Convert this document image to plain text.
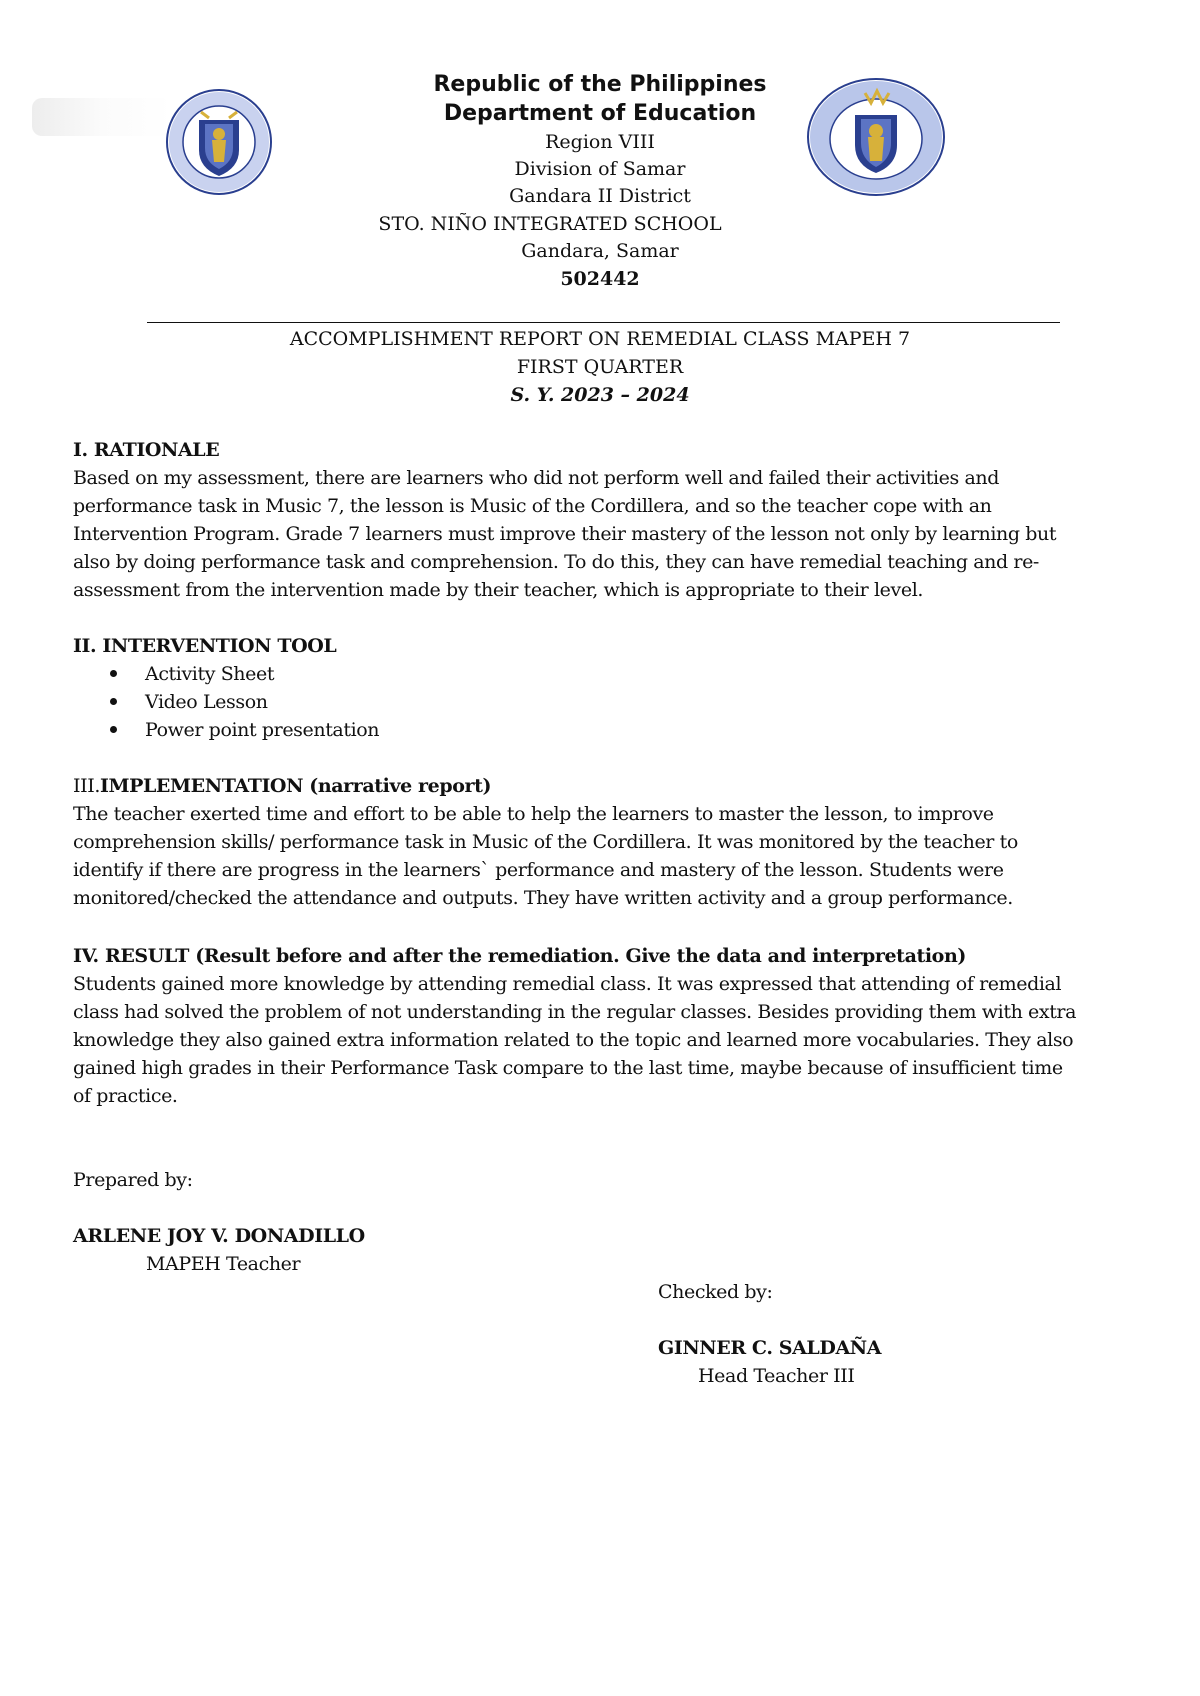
Republic of the Philippines
Department of Education
Region VIII
Division of Samar
Gandara II District
STO. NIÑO INTEGRATED SCHOOL
Gandara, Samar
502442
ACCOMPLISHMENT REPORT ON REMEDIAL CLASS MAPEH 7
FIRST QUARTER
S. Y. 2023 – 2024
I. RATIONALE
Based on my assessment, there are learners who did not perform well and failed their activities and
performance task in Music 7, the lesson is Music of the Cordillera, and so the teacher cope with an
Intervention Program. Grade 7 learners must improve their mastery of the lesson not only by learning but
also by doing performance task and comprehension. To do this, they can have remedial teaching and re-
assessment from the intervention made by their teacher, which is appropriate to their level.
II. INTERVENTION TOOL
Activity Sheet
Video Lesson
Power point presentation
III.IMPLEMENTATION (narrative report)
The teacher exerted time and effort to be able to help the learners to master the lesson, to improve
comprehension skills/ performance task in Music of the Cordillera. It was monitored by the teacher to
identify if there are progress in the learners` performance and mastery of the lesson. Students were
monitored/checked the attendance and outputs. They have written activity and a group performance.
IV. RESULT (Result before and after the remediation. Give the data and interpretation)
Students gained more knowledge by attending remedial class. It was expressed that attending of remedial
class had solved the problem of not understanding in the regular classes. Besides providing them with extra
knowledge they also gained extra information related to the topic and learned more vocabularies. They also
gained high grades in their Performance Task compare to the last time, maybe because of insufficient time
of practice.
Prepared by:
ARLENE JOY V. DONADILLO
MAPEH Teacher
Checked by:
GINNER C. SALDAÑA
Head Teacher III
